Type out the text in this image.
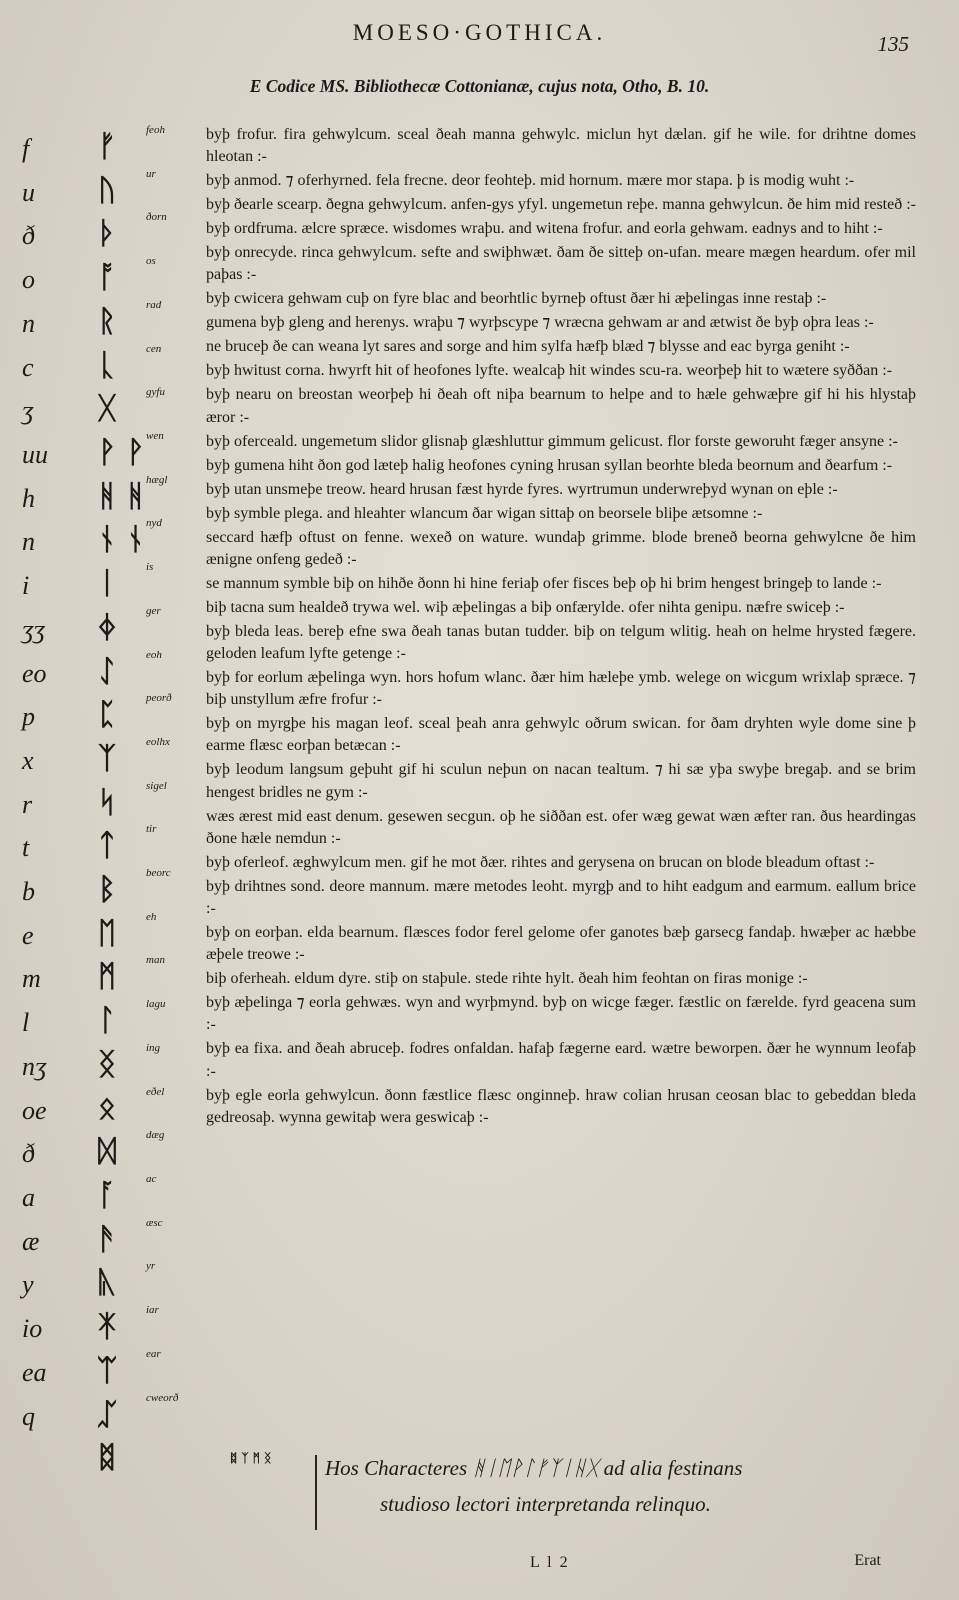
MOESO·GOTHICA.	135
E Codice MS. Bibliothecæ Cottonianæ, cujus nota, Otho, B. 10.
f	ᚠ	feoh
u	ᚢ	ur
ð	ᚦ	ðorn
o	ᚩ	os
n	ᚱ	rad
c	ᚳ	cen
ʒ	ᚷ	gyfu
uu	ᚹ ᚹ wen
h	ᚻ ᚻ hægl
n	ᚾ ᚾ nyd
i	ᛁ	is
ʒʒ	ᛄ	ger
eo	ᛇ	eoh
p	ᛈ	peorð
x	ᛉ	eolhx
r	ᛋ	sigel
t	ᛏ	tir
b	ᛒ	beorc
e	ᛖ	eh
m	ᛗ	man
l	ᛚ	lagu
nʒ	ᛝ	ing
oe	ᛟ	eðel
ð	ᛞ	dæg
a	ᚪ	ac
æ	ᚫ	æsc
y	ᚣ	yr
io	ᛡ	iar
ea	ᛠ	ear
q	ᛢ	cweorð
ᛥ

byþ frofur. fira gehwylcum. sceal ðeah manna gehwylc. miclun hyt dælan. gif he wile. for drihtne domes hleotan :-

byþ anmod. ⁊ oferhyrned. fela frecne. deor feohteþ. mid hornum. mære mor stapa. þ is modig wuht :-

byþ ðearle scearp. ðegna gehwylcum. anfen-gys yfyl. ungemetun reþe. manna gehwylcun. ðe him mid resteð :-

byþ ordfruma. ælcre spræce. wisdomes wraþu. and witena frofur. and eorla gehwam. eadnys and to hiht :-

byþ onrecyde. rinca gehwylcum. sefte and swiþhwæt. ðam ðe sitteþ on-ufan. meare mægen heardum. ofer mil paþas :-

byþ cwicera gehwam cuþ on fyre blac and beorhtlic byrneþ oftust ðær hi æþelingas inne restaþ :-

gumena byþ gleng and herenys. wraþu ⁊ wyrþscype ⁊ wræcna gehwam ar and ætwist ðe byþ oþra leas :-

ne bruceþ ðe can weana lyt sares and sorge and him sylfa hæfþ blæd ⁊ blysse and eac byrga geniht :-

byþ hwitust corna. hwyrft hit of heofones lyfte. wealcaþ hit windes scu-ra. weorþeþ hit to wætere syððan :-

byþ nearu on breostan weorþeþ hi ðeah oft niþa bearnum to helpe and to hæle gehwæþre gif hi his hlystaþ æror :-

byþ oferceald. ungemetum slidor glisnaþ glæshluttur gimmum gelicust. flor forste geworuht fæger ansyne :-

byþ gumena hiht ðon god læteþ halig heofones cyning hrusan syllan beorhte bleda beornum and ðearfum :-

byþ utan unsmeþe treow. heard hrusan fæst hyrde fyres. wyrtrumun underwreþyd wynan on eþle :-

byþ symble plega. and hleahter wlancum ðar wigan sittaþ on beorsele bliþe ætsomne :-

seccard hæfþ oftust on fenne. wexeð on wature. wundaþ grimme. blode breneð beorna gehwylcne ðe him ænigne onfeng gedeð :-

se mannum symble biþ on hihðe ðonn hi hine feriaþ ofer fisces beþ oþ hi brim hengest bringeþ to lande :-

biþ tacna sum healdeð trywa wel. wiþ æþelingas a biþ onfærylde. ofer nihta genipu. næfre swiceþ :-

byþ bleda leas. bereþ efne swa ðeah tanas butan tudder. biþ on telgum wlitig. heah on helme hrysted fægere. geloden leafum lyfte getenge :-

byþ for eorlum æþelinga wyn. hors hofum wlanc. ðær him hæleþe ymb. welege on wicgum wrixlaþ spræce. ⁊ biþ unstyllum æfre frofur :-

byþ on myrgþe his magan leof. sceal þeah anra gehwylc oðrum swican. for ðam dryhten wyle dome sine þ earme flæsc eorþan betæcan :-

byþ leodum langsum geþuht gif hi sculun neþun on nacan tealtum. ⁊ hi sæ yþa swyþe bregaþ. and se brim hengest bridles ne gym :-

wæs ærest mid east denum. gesewen secgun. oþ he siððan est. ofer wæg gewat wæn æfter ran. ðus heardingas ðone hæle nemdun :-

byþ oferleof. æghwylcum men. gif he mot ðær. rihtes and gerysena on brucan on blode bleadum oftast :-

byþ drihtnes sond. deore mannum. mære metodes leoht. myrgþ and to hiht eadgum and earmum. eallum brice :-

byþ on eorþan. elda bearnum. flæsces fodor ferel gelome ofer ganotes bæþ garsecg fandaþ. hwæþer ac hæbbe æþele treowe :-

biþ oferheah. eldum dyre. stiþ on staþule. stede rihte hylt. ðeah him feohtan on firas monige :-

byþ æþelinga ⁊ eorla gehwæs. wyn and wyrþmynd. byþ on wicge fæger. fæstlic on færelde. fyrd geacena sum :-

byþ ea fixa. and ðeah abruceþ. fodres onfaldan. hafaþ fægerne eard. wætre beworpen. ðær he wynnum leofaþ :-

byþ egle eorla gehwylcun. ðonn fæstlice flæsc onginneþ. hraw colian hrusan ceosan blac to gebeddan bleda gedreosaþ. wynna gewitaþ wera geswicaþ :-

ᛥ ᛉ ᛗ ᛝ	Hos Characteres ᚻᛁᛖᚹᛚᚠᛉᛁᚺᚷ ad alia festinans
studioso lectori interpretanda relinquo.
L l 2	Erat
